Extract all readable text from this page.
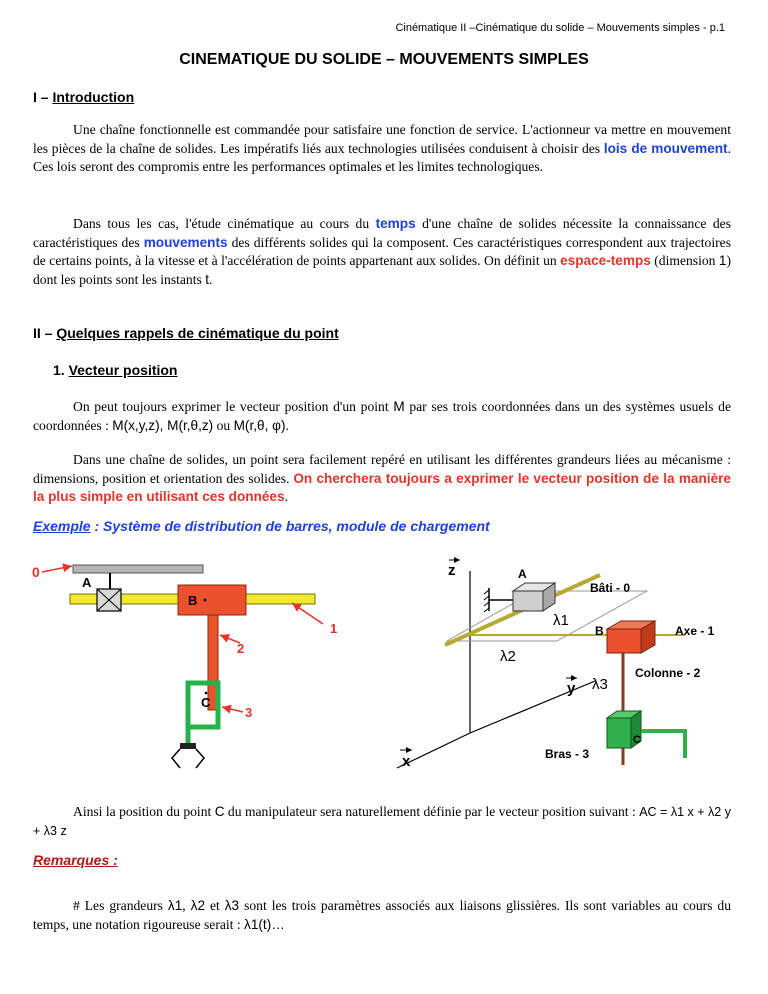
Cinématique II –Cinématique du solide – Mouvements simples - p.1
CINEMATIQUE DU SOLIDE – MOUVEMENTS SIMPLES
I – Introduction
Une chaîne fonctionnelle est commandée pour satisfaire une fonction de service. L'actionneur va mettre en mouvement les pièces de la chaîne de solides. Les impératifs liés aux technologies utilisées conduisent à choisir des lois de mouvement. Ces lois seront des compromis entre les performances optimales et les limites technologiques.
Dans tous les cas, l'étude cinématique au cours du temps d'une chaîne de solides nécessite la connaissance des caractéristiques des mouvements des différents solides qui la composent. Ces caractéristiques correspondent aux trajectoires de certains points, à la vitesse et à l'accélération de points appartenant aux solides. On définit un espace-temps (dimension 1) dont les points sont les instants t.
II – Quelques rappels de cinématique du point
1. Vecteur position
On peut toujours exprimer le vecteur position d'un point M par ses trois coordonnées dans un des systèmes usuels de coordonnées : M(x,y,z), M(r,θ,z) ou M(r,θ, φ).
Dans une chaîne de solides, un point sera facilement repéré en utilisant les différentes grandeurs liées au mécanisme : dimensions, position et orientation des solides. On cherchera toujours a exprimer le vecteur position de la manière la plus simple en utilisant ces données.
Exemple : Système de distribution de barres, module de chargement
0
A
B
1
2
C
3
z
y
x
A
Bâti - 0
λ1
λ2
λ3
B	Axe - 1
Colonne - 2
C
Bras - 3
Ainsi la position du point C du manipulateur sera naturellement définie par le vecteur position suivant : AC = λ1 x + λ2 y + λ3 z
Remarques :
# Les grandeurs λ1, λ2 et λ3 sont les trois paramètres associés aux liaisons glissières. Ils sont variables au cours du temps, une notation rigoureuse serait : λ1(t)…
